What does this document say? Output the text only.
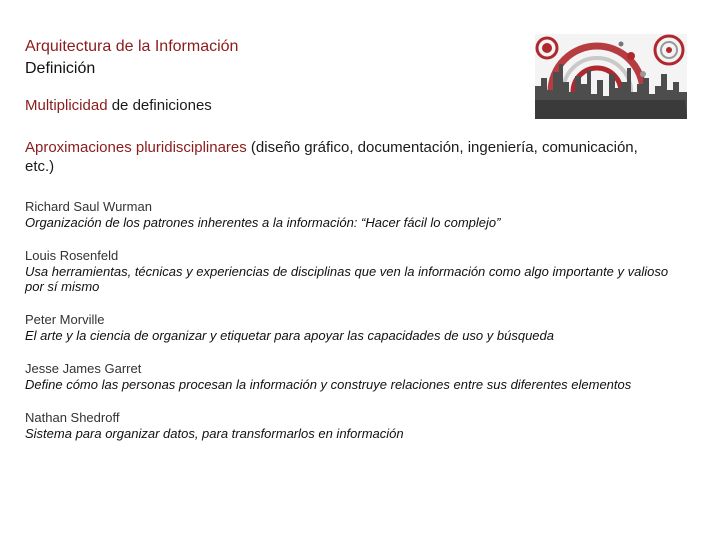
Arquitectura de la Información
Definición
Multiplicidad de definiciones
Aproximaciones pluridisciplinares (diseño gráfico, documentación, ingeniería, comunicación, etc.)
Richard Saul Wurman
Organización de los patrones inherentes a la información: “Hacer fácil lo complejo”
Louis Rosenfeld
Usa herramientas, técnicas y experiencias de disciplinas que ven la información como algo importante y valioso por sí mismo
Peter Morville
El arte y la ciencia de organizar y etiquetar para apoyar las capacidades de uso y búsqueda
Jesse James Garret
Define cómo las personas procesan la información y construye relaciones entre sus diferentes elementos
Nathan Shedroff
Sistema para organizar datos, para transformarlos en información
